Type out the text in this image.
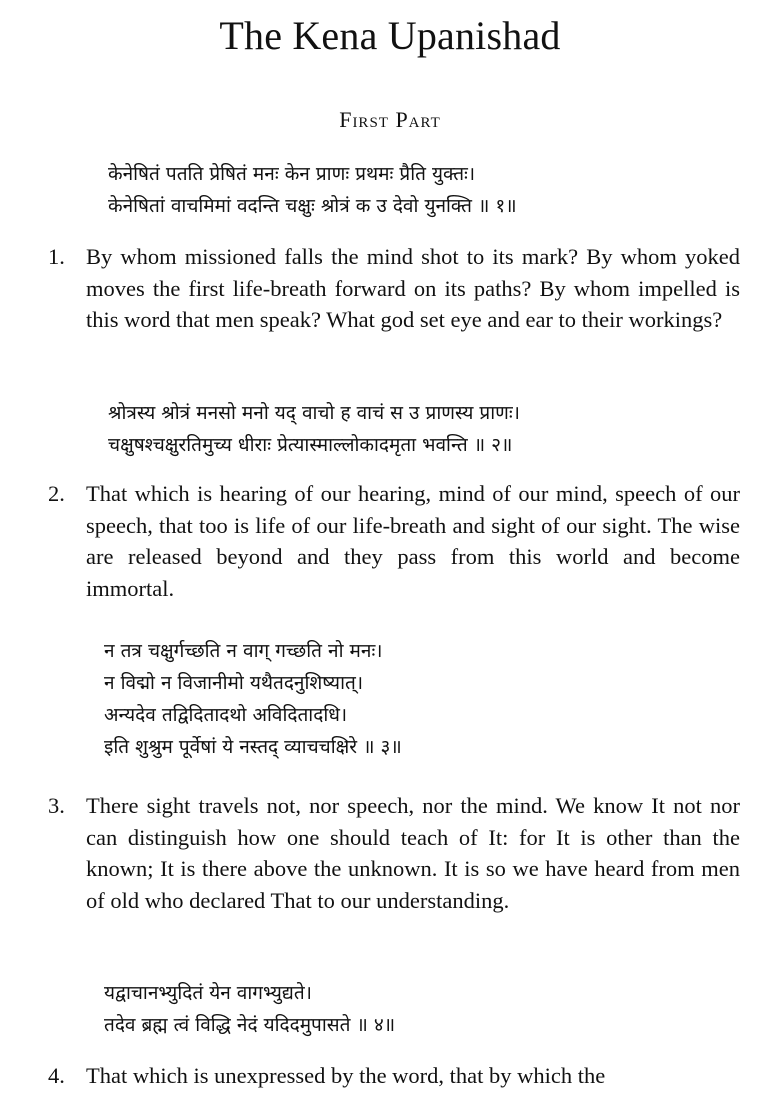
The Kena Upanishad
First Part
केनेषितं पतति प्रेषितं मनः केन प्राणः प्रथमः प्रैति युक्तः।
केनेषितां वाचमिमां वदन्ति चक्षुः श्रोत्रं क उ देवो युनक्ति ॥ १॥
1. By whom missioned falls the mind shot to its mark? By whom yoked moves the first life-breath forward on its paths? By whom impelled is this word that men speak? What god set eye and ear to their workings?
श्रोत्रस्य श्रोत्रं मनसो मनो यद् वाचो ह वाचं स उ प्राणस्य प्राणः।
चक्षुषश्चक्षुरतिमुच्य धीराः प्रेत्यास्माल्लोकादमृता भवन्ति ॥ २॥
2. That which is hearing of our hearing, mind of our mind, speech of our speech, that too is life of our life-breath and sight of our sight. The wise are released beyond and they pass from this world and become immortal.
न तत्र चक्षुर्गच्छति न वाग् गच्छति नो मनः।
न विद्मो न विजानीमो यथैतदनुशिष्यात्।
अन्यदेव तद्विदितादथो अविदितादधि।
इति शुश्रुम पूर्वेषां ये नस्तद् व्याचचक्षिरे ॥ ३॥
3. There sight travels not, nor speech, nor the mind. We know It not nor can distinguish how one should teach of It: for It is other than the known; It is there above the unknown. It is so we have heard from men of old who declared That to our understanding.
यद्वाचानभ्युदितं येन वागभ्युद्यते।
तदेव ब्रह्म त्वं विद्धि नेदं यदिदमुपासते ॥ ४॥
4. That which is unexpressed by the word, that by which the
